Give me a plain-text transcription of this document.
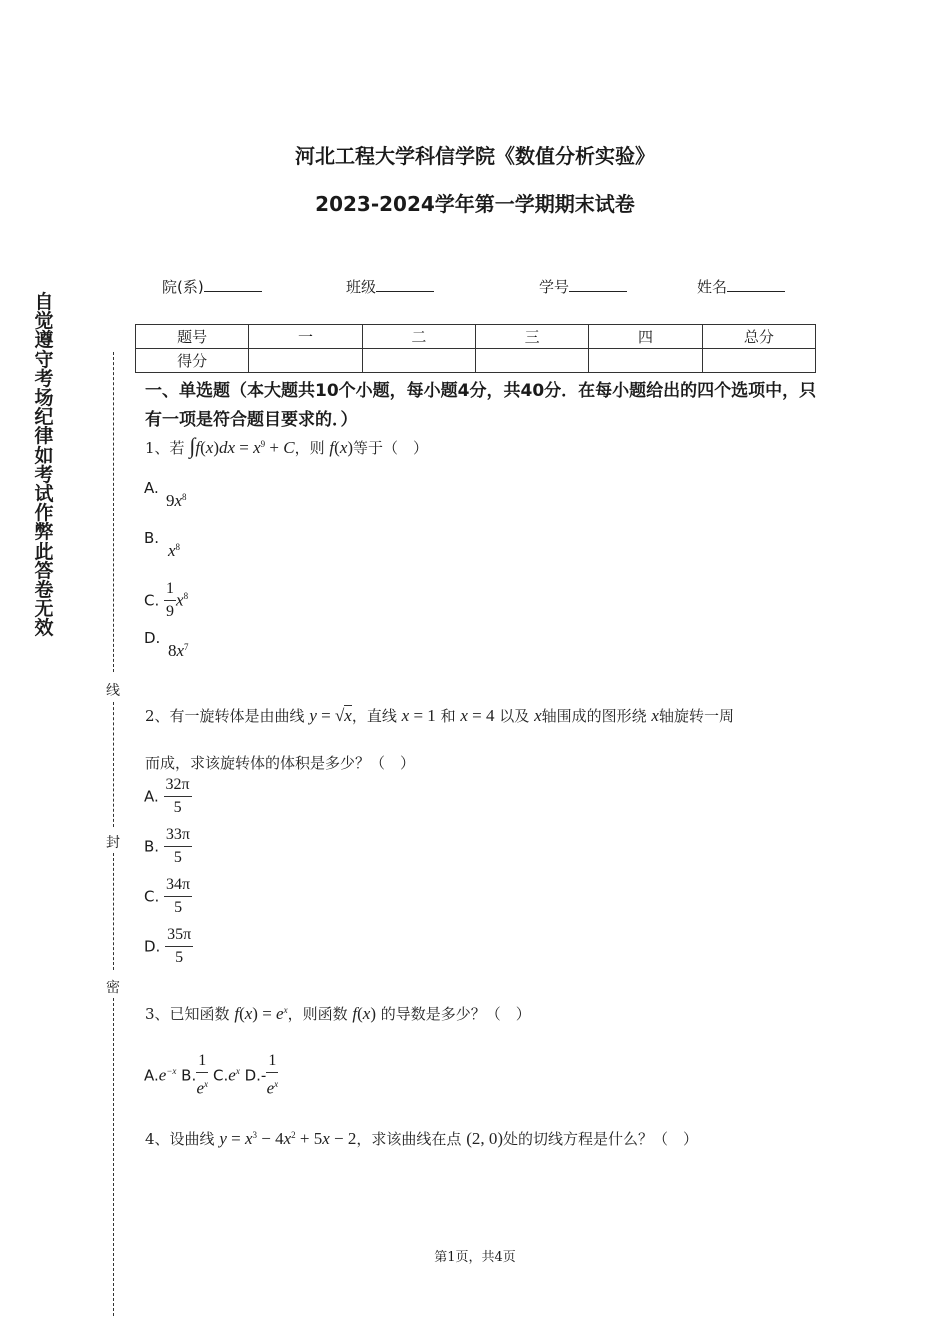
河北工程大学科信学院《数值分析实验》
2023-2024学年第一学期期末试卷
院(系)	班级	学号	姓名
题号	一	二	三	四	总分
得分					
自
觉
遵
守
考
场
纪
律
如
考
试
作
弊
此
答
卷
无
效
线
封
密
一、单选题（本大题共10个小题，每小题4分，共40分．在每小题给出的四个选项中，只有一项是符合题目要求的．）
1、若 $\int f(x)dx = x^9 + C$，则 f(x)等于（　）
A.
$9x^8$
B.
$x^8$
C. $\frac{1}{9} x^8$
D.
$8x^7$
2、有一旋转体是由曲线 y = √x，直线 x = 1 和 x = 4 以及 x轴围成的图形绕 x轴旋转一周
而成，求该旋转体的体积是多少？（　）
A. $\frac{32\pi}{5}$
B. $\frac{33\pi}{5}$
C. $\frac{34\pi}{5}$
D. $\frac{35\pi}{5}$
3、已知函数 $f(x) = e^x$，则函数 f(x) 的导数是多少？（　）
$A.e^{-x}$ B. $\frac{1}{e^x} C.e^x$ $D.- \frac{1}{e^x}$
4、设曲线 $y = x^3 - 4x^2 + 5x - 2$，求该曲线在点 (2, 0)处的切线方程是什么？（　）
第1页，共4页
